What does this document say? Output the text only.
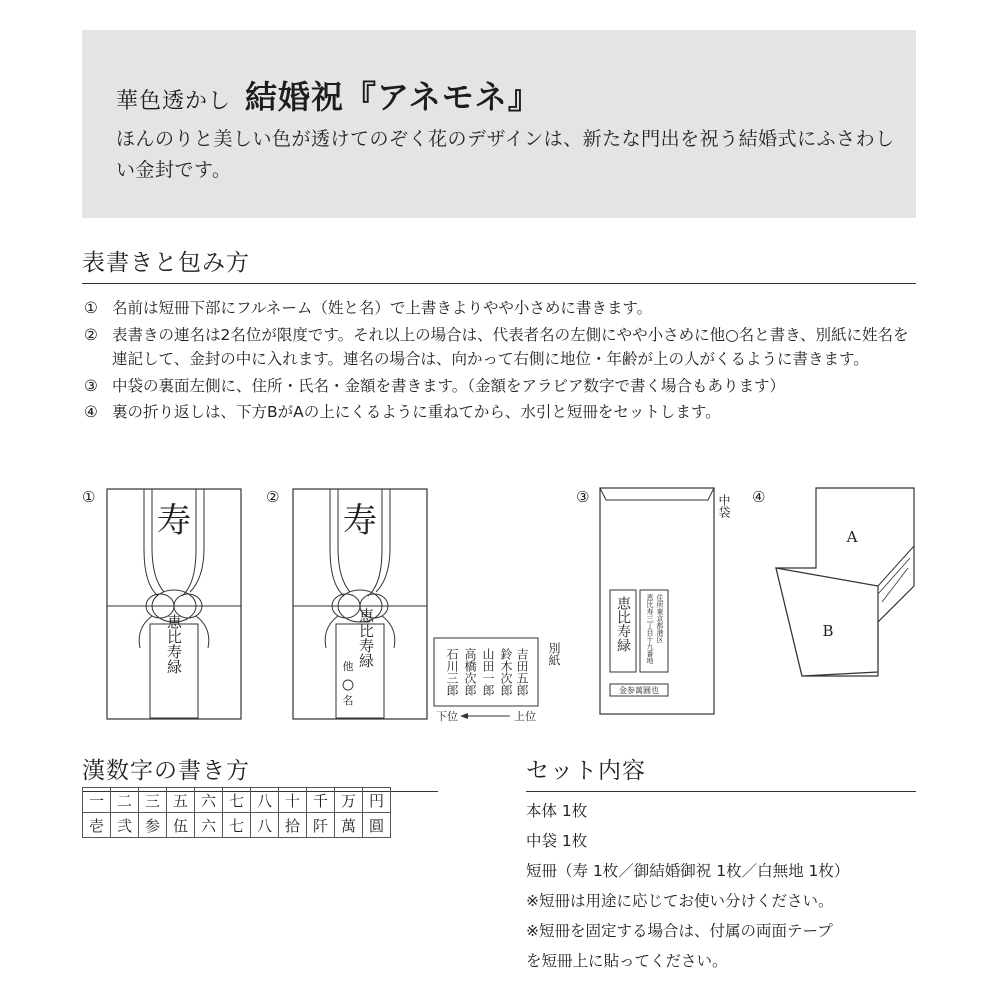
華色透かし 結婚祝『アネモネ』
ほんのりと美しい色が透けてのぞく花のデザインは、新たな門出を祝う結婚式にふさわしい金封です。
表書きと包み方
① 名前は短冊下部にフルネーム（姓と名）で上書きよりやや小さめに書きます。
② 表書きの連名は2名位が限度です。それ以上の場合は、代表者名の左側にやや小さめに他○名と書き、別紙に姓名を連記して、金封の中に入れます。連名の場合は、向かって右側に地位・年齢が上の人がくるように書きます。
③ 中袋の裏面左側に、住所・氏名・金額を書きます。（金額をアラビア数字で書く場合もあります）
④ 裏の折り返しは、下方BがAの上にくるように重ねてから、水引と短冊をセットします。
①	②	③	④
寿
恵比寿緑
寿
恵比寿緑
他
名
吉田五郎
鈴木次郎
山田一郎
高橋次郎
石川三郎	別紙
下位	上位
中袋
恵比寿緑	住所東京都港区
恵比寿三丁目十九番地
金参萬圓也
A
B
漢数字の書き方
一	二	三	五	六	七	八	十	千	万	円
壱	弐	参	伍	六	七	八	拾	阡	萬	圓
セット内容
本体 1枚
中袋 1枚
短冊（寿 1枚／御結婚御祝 1枚／白無地 1枚）
※短冊は用途に応じてお使い分けください。
※短冊を固定する場合は、付属の両面テープ
を短冊上に貼ってください。
